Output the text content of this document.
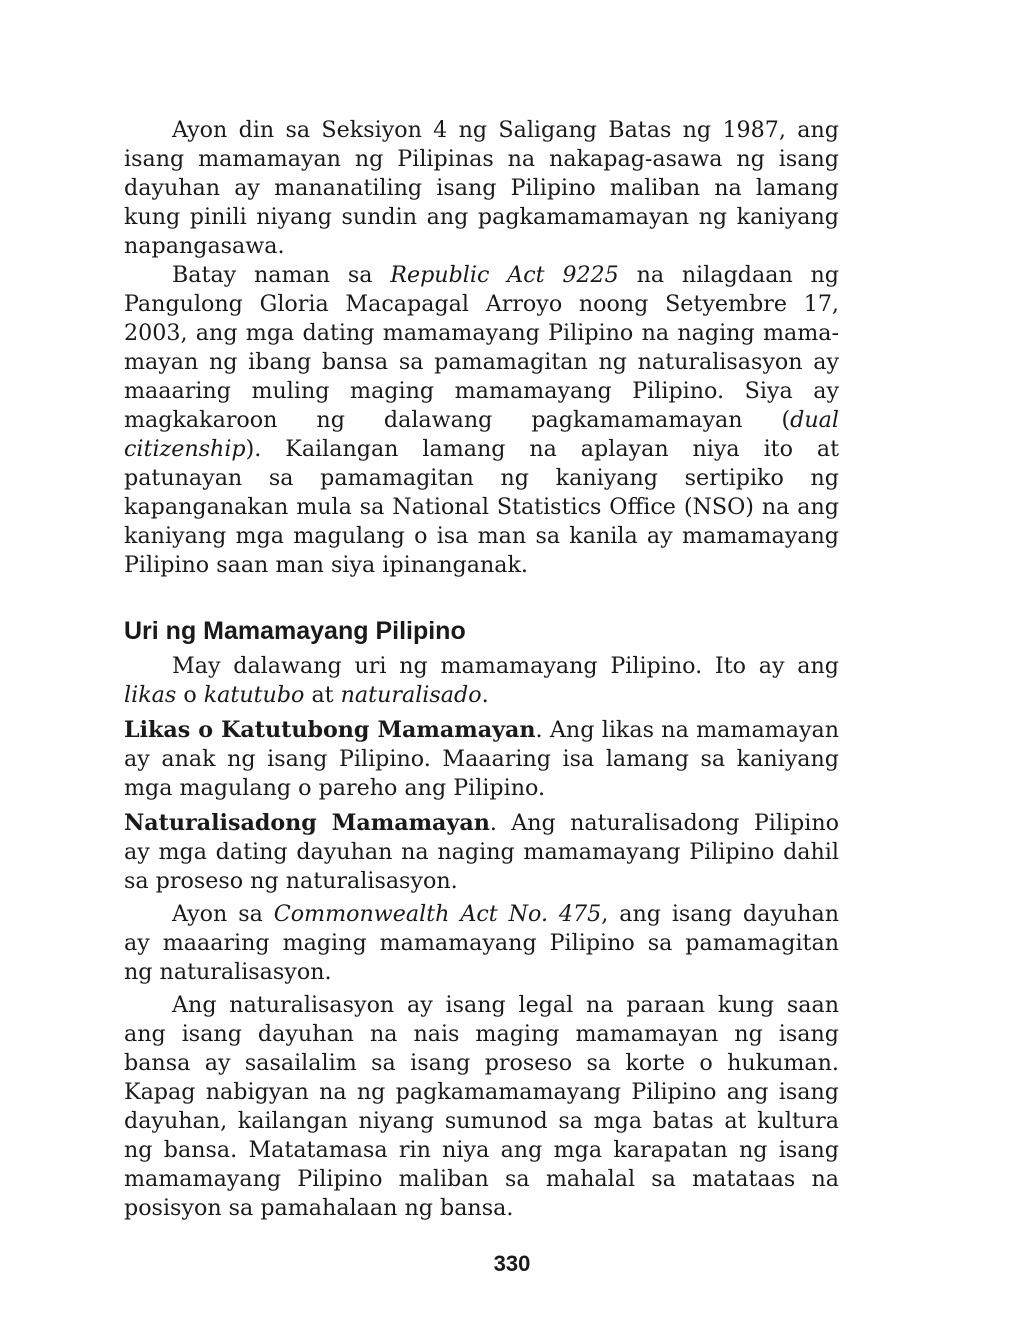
Ayon din sa Seksiyon 4 ng Saligang Batas ng 1987, ang isang mamamayan ng Pilipinas na nakapag-asawa ng isang dayuhan ay mananatiling isang Pilipino maliban na lamang kung pinili niyang sundin ang pagkamamamayan ng kaniyang napangasawa.

Batay naman sa Republic Act 9225 na nilagdaan ng Pangulong Gloria Macapagal Arroyo noong Setyembre 17, 2003, ang mga dating mamamayang Pilipino na naging mama-mayan ng ibang bansa sa pamamagitan ng naturalisasyon ay maaaring muling maging mamamayang Pilipino. Siya ay magkakaroon ng dalawang pagkamamamayan (dual citizenship). Kailangan lamang na aplayan niya ito at patunayan sa pamamagitan ng kaniyang sertipiko ng kapanganakan mula sa National Statistics Office (NSO) na ang kaniyang mga magulang o isa man sa kanila ay mamamayang Pilipino saan man siya ipinanganak.

Uri ng Mamamayang Pilipino

May dalawang uri ng mamamayang Pilipino. Ito ay ang likas o katutubo at naturalisado.

Likas o Katutubong Mamamayan. Ang likas na mamamayan ay anak ng isang Pilipino. Maaaring isa lamang sa kaniyang mga magulang o pareho ang Pilipino.

Naturalisadong Mamamayan. Ang naturalisadong Pilipino ay mga dating dayuhan na naging mamamayang Pilipino dahil sa proseso ng naturalisasyon.

Ayon sa Commonwealth Act No. 475, ang isang dayuhan ay maaaring maging mamamayang Pilipino sa pamamagitan ng naturalisasyon.

Ang naturalisasyon ay isang legal na paraan kung saan ang isang dayuhan na nais maging mamamayan ng isang bansa ay sasailalim sa isang proseso sa korte o hukuman. Kapag nabigyan na ng pagkamamamayang Pilipino ang isang dayuhan, kailangan niyang sumunod sa mga batas at kultura ng bansa. Matatamasa rin niya ang mga karapatan ng isang mamamayang Pilipino maliban sa mahalal sa matataas na posisyon sa pamahalaan ng bansa.

330
